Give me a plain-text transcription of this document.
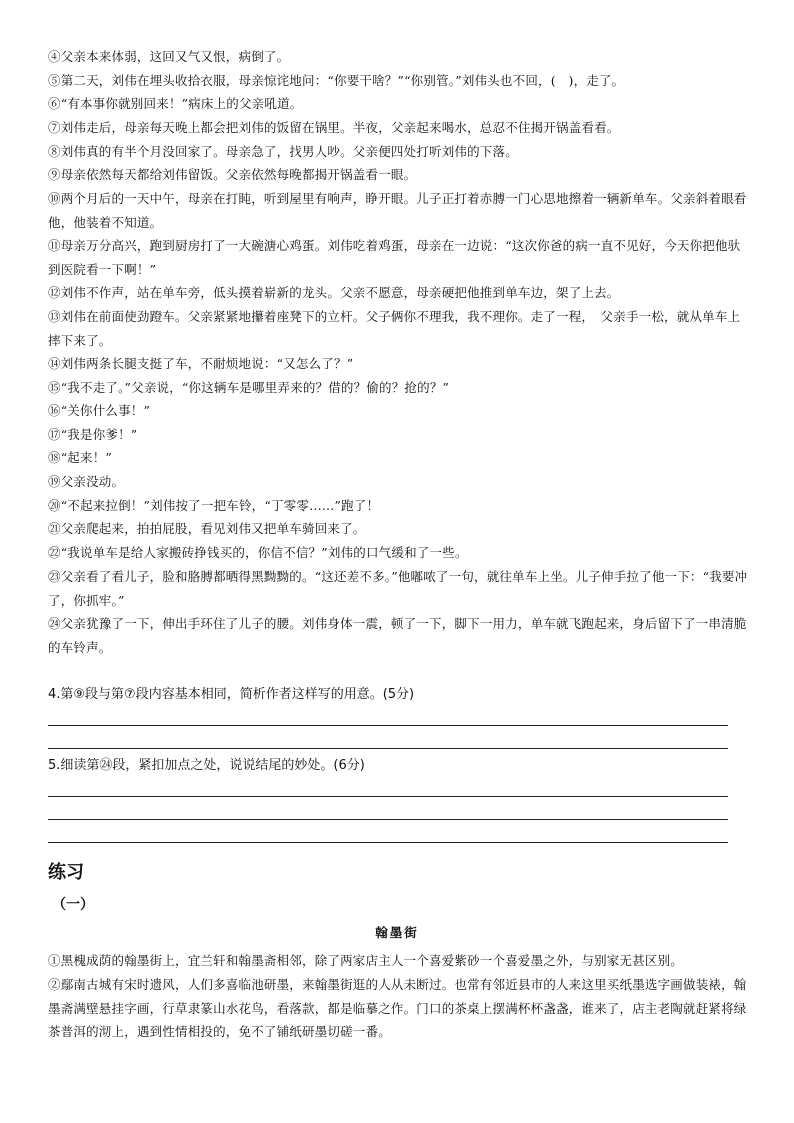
④父亲本来体弱，这回又气又恨，病倒了。
⑤第二天，刘伟在埋头收拾衣服，母亲惊诧地问：“你要干啥？”“你别管。”刘伟头也不回，(　)，走了。
⑥“有本事你就别回来！”病床上的父亲吼道。
⑦刘伟走后，母亲每天晚上都会把刘伟的饭留在锅里。半夜，父亲起来喝水，总忍不住揭开锅盖看看。
⑧刘伟真的有半个月没回家了。母亲急了，找男人吵。父亲便四处打听刘伟的下落。
⑨母亲依然每天都给刘伟留饭。父亲依然每晚都揭开锅盖看一眼。
⑩两个月后的一天中午，母亲在打盹，听到屋里有响声，睁开眼。儿子正打着赤膊一门心思地擦着一辆新单车。父亲斜着眼看他，他装着不知道。
⑪母亲万分高兴，跑到厨房打了一大碗溏心鸡蛋。刘伟吃着鸡蛋，母亲在一边说：“这次你爸的病一直不见好，今天你把他驮到医院看一下啊！”
⑫刘伟不作声，站在单车旁，低头摸着崭新的龙头。父亲不愿意，母亲硬把他推到单车边，架了上去。
⑬刘伟在前面使劲蹬车。父亲紧紧地攥着座凳下的立杆。父子俩你不理我，我不理你。走了一程，　父亲手一松，就从单车上摔下来了。
⑭刘伟两条长腿支挺了车，不耐烦地说：“又怎么了？”
⑮“我不走了。”父亲说，“你这辆车是哪里弄来的？借的？偷的？抢的？”
⑯“关你什么事！”
⑰“我是你爹！”
⑱“起来！”
⑲父亲没动。
⑳“不起来拉倒！”刘伟按了一把车铃，“丁零零……”跑了！
㉑父亲爬起来，拍拍屁股，看见刘伟又把单车骑回来了。
㉒“我说单车是给人家搬砖挣钱买的，你信不信？”刘伟的口气缓和了一些。
㉓父亲看了看儿子，脸和胳膊都晒得黑黝黝的。“这还差不多。”他嘟哝了一句，就往单车上坐。儿子伸手拉了他一下：“我要冲了，你抓牢。”
㉔父亲犹豫了一下，伸出手环住了儿子的腰。刘伟身体一震，顿了一下，脚下一用力，单车就飞跑起来，身后留下了一串清脆的车铃声。
4.第⑨段与第⑦段内容基本相同，简析作者这样写的用意。(5分)
5.细读第㉔段，紧扣加点之处，说说结尾的妙处。(6分)
练习
（一）
翰墨街
①黑槐成荫的翰墨街上，宜兰轩和翰墨斋相邻，除了两家店主人一个喜爱紫砂一个喜爱墨之外，与别家无甚区别。
②鄢南古城有宋时遗风，人们多喜临池研墨，来翰墨街逛的人从未断过。也常有邻近县市的人来这里买纸墨选字画做装裱，翰墨斋满壁悬挂字画，行草隶篆山水花鸟，看落款，都是临摹之作。门口的茶桌上摆满杯杯盏盏，谁来了，店主老陶就赶紧将绿茶普洱的沏上，遇到性情相投的，免不了铺纸研墨切磋一番。
